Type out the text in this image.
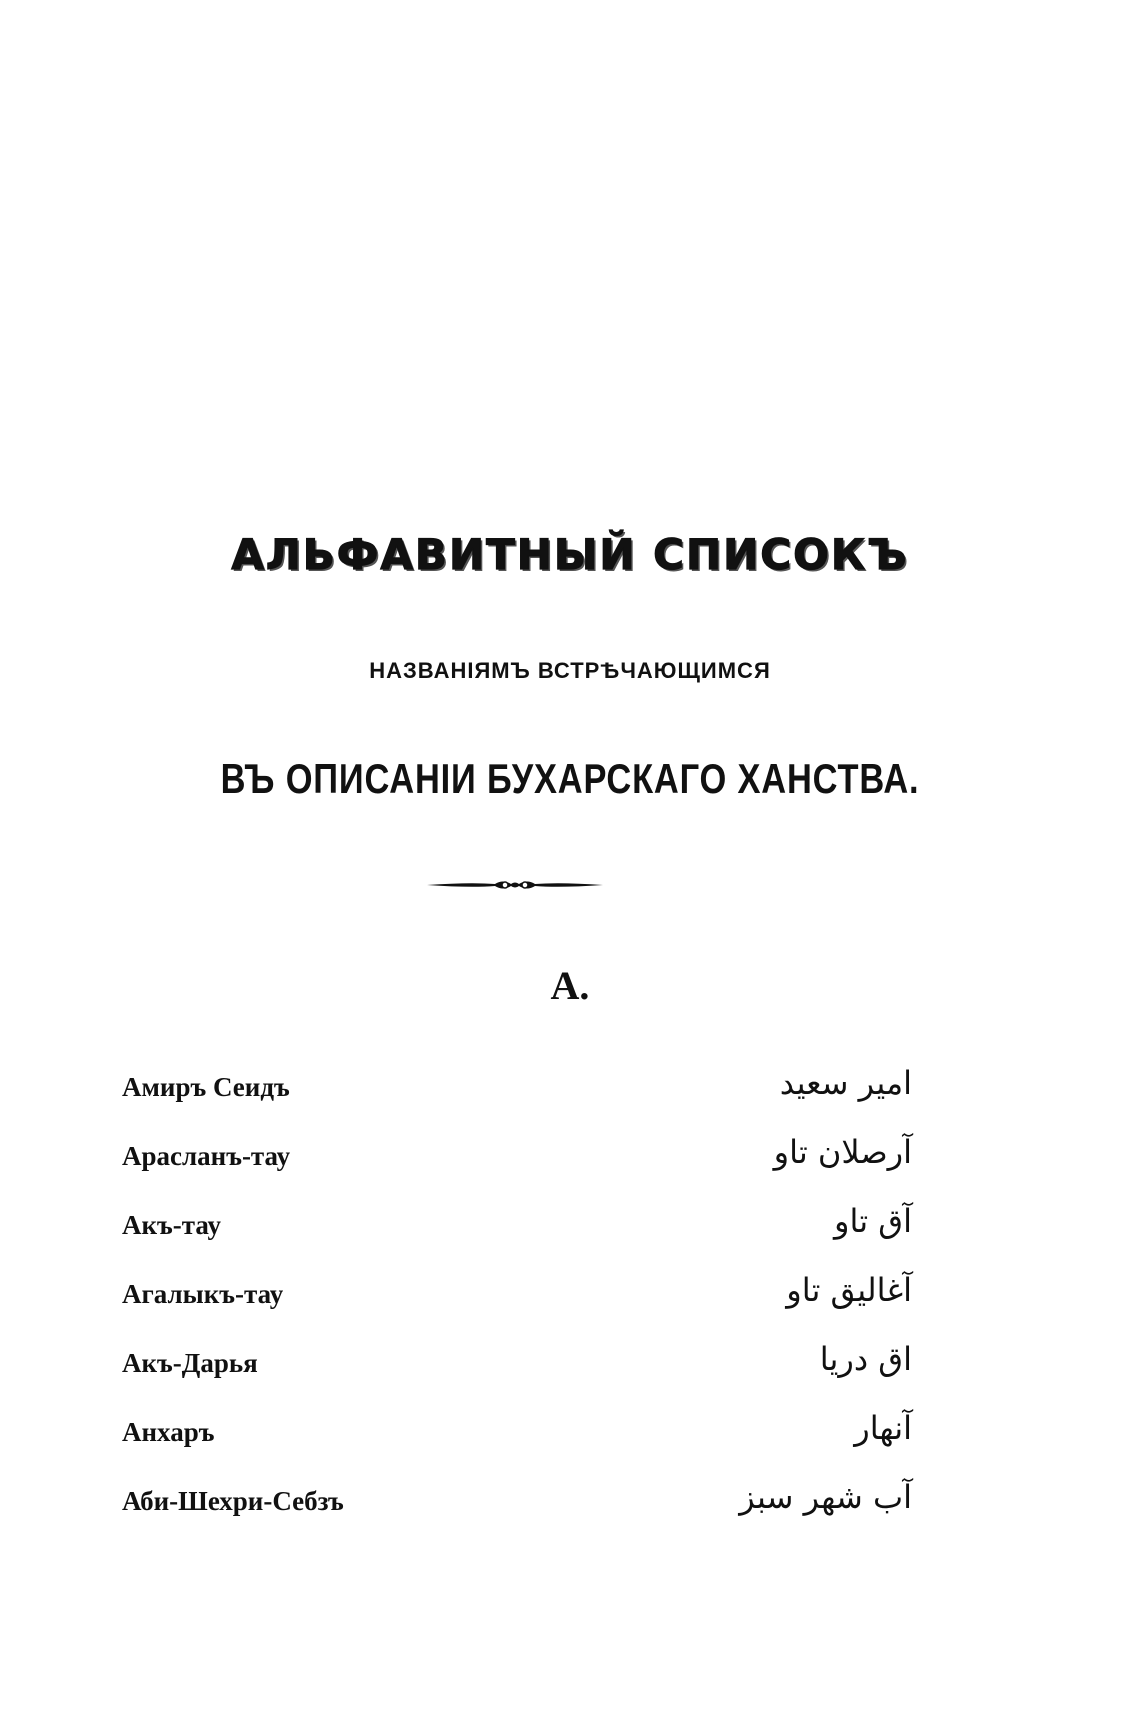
АЛЬФАВИТНЫЙ СПИСОКЪ
НАЗВАНІЯМЪ ВСТРѢЧАЮЩИМСЯ
ВЪ ОПИСАНІИ БУХАРСКАГО ХАНСТВА.
А.
Амиръ Сеидъ	امیر سعید
Арасланъ-тау	آرصلان تاو
Акъ-тау	آق تاو
Агалыкъ-тау	آغالیق تاو
Акъ-Дарья	اق دریا
Анхаръ	آنهار
Аби-Шехри-Себзъ	آب شهر سبز
